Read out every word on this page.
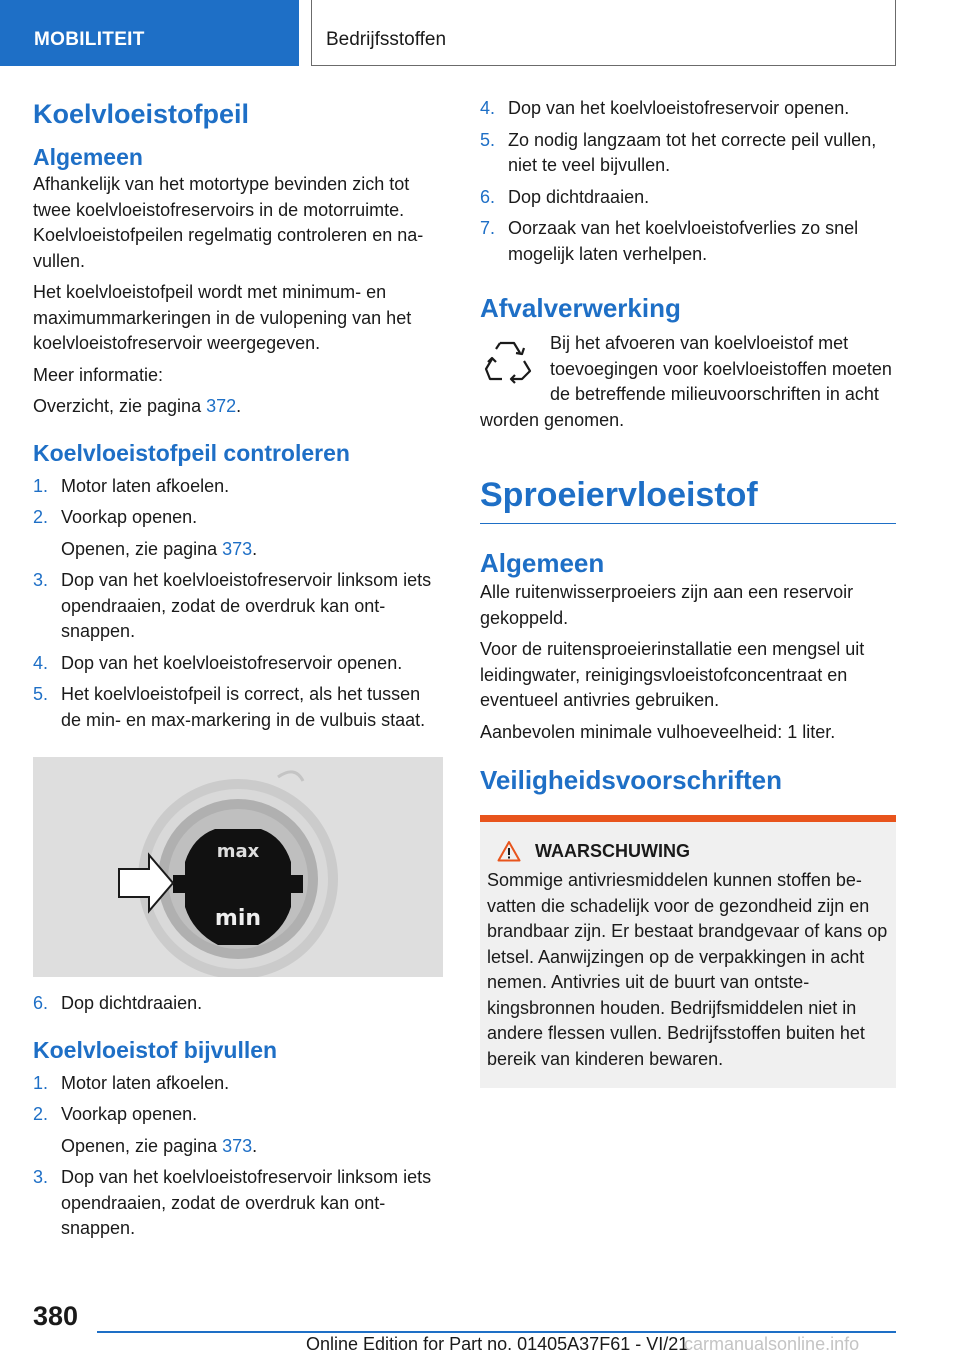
MOBILITEIT	Bedrijfsstoffen
Koelvloeistofpeil
Algemeen

Afhankelijk van het motortype bevinden zich tot twee koelvloeistofreservoirs in de motorruimte. Koelvloeistofpeilen regelmatig controleren en navullen.

Het koelvloeistofpeil wordt met minimum- en maximummarkeringen in de vulopening van het koelvloeistofreservoir weergegeven.

Meer informatie:

Overzicht, zie pagina 372.

Koelvloeistofpeil controleren
1. Motor laten afkoelen.
2. Voorkap openen.
Openen, zie pagina 373.
3. Dop van het koelvloeistofreservoir linksom iets opendraaien, zodat de overdruk kan ontsnappen.
4. Dop van het koelvloeistofreservoir openen.
5. Het koelvloeistofpeil is correct, als het tussen de min- en max-markering in de vulbuis staat.
max
min
6. Dop dichtdraaien.
Koelvloeistof bijvullen
1. Motor laten afkoelen.
2. Voorkap openen.
Openen, zie pagina 373.
3. Dop van het koelvloeistofreservoir linksom iets opendraaien, zodat de overdruk kan ontsnappen.
4. Dop van het koelvloeistofreservoir openen.
5. Zo nodig langzaam tot het correcte peil vullen, niet te veel bijvullen.
6. Dop dichtdraaien.
7. Oorzaak van het koelvloeistofverlies zo snel mogelijk laten verhelpen.
Afvalverwerking

Bij het afvoeren van koelvloeistof met toevoegingen voor koelvloeistoffen moeten de betreffende milieuvoorschriften in acht worden genomen.

Sproeiervloeistof
Algemeen

Alle ruitenwisserproeiers zijn aan een reservoir gekoppeld.

Voor de ruitensproeierinstallatie een mengsel uit leidingwater, reinigingsvloeistofconcentraat en eventueel antivries gebruiken.

Aanbevolen minimale vulhoeveelheid: 1 liter.

Veiligheidsvoorschriften
WAARSCHUWING

Sommige antivriesmiddelen kunnen stoffen bevatten die schadelijk voor de gezondheid zijn en brandbaar zijn. Er bestaat brandgevaar of kans op letsel. Aanwijzingen op de verpakkingen in acht nemen. Antivries uit de buurt van ontstekingsbronnen houden. Bedrijfsmiddelen niet in andere flessen vullen. Bedrijfsstoffen buiten het bereik van kinderen bewaren.

380
Online Edition for Part no. 01405A37F61 - VI/21
carmanualsonline.info
